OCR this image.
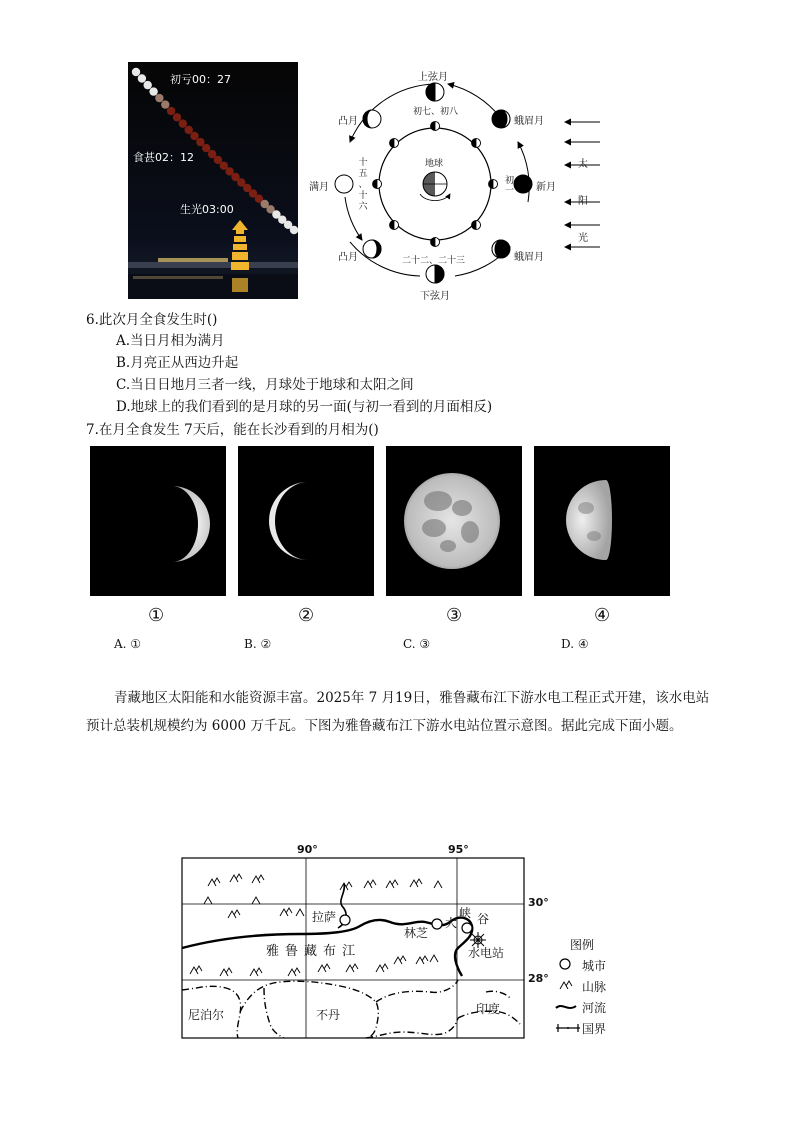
初亏00：27
食甚02：12
生光03:00
上弦月
初七、初八
凸月	蛾眉月
满月
十
五
、
十
六
新月
初
一
地球
凸月	蛾眉月
二十二、二十三
下弦月
太
阳
光
6.此次月全食发生时()
A.当日月相为满月
B.月亮正从西边升起
C.当日日地月三者一线，月球处于地球和太阳之间
D.地球上的我们看到的是月球的另一面(与初一看到的月面相反)
7.在月全食发生 7天后，能在长沙看到的月相为()
①	②	③	④
A. ①	B. ②	C. ③	D. ④
青藏地区太阳能和水能资源丰富。2025年 7 月19日，雅鲁藏布江下游水电工程正式开建，该水电站预计总装机规模约为 6000 万千瓦。下图为雅鲁藏布江下游水电站位置示意图。据此完成下面小题。
90°	95°
30°
28°
拉萨
林芝
大
峡 谷
水电站
尼泊尔	不丹	印度
雅 鲁 藏 布 江	图例
城市
山脉
河流
国界
